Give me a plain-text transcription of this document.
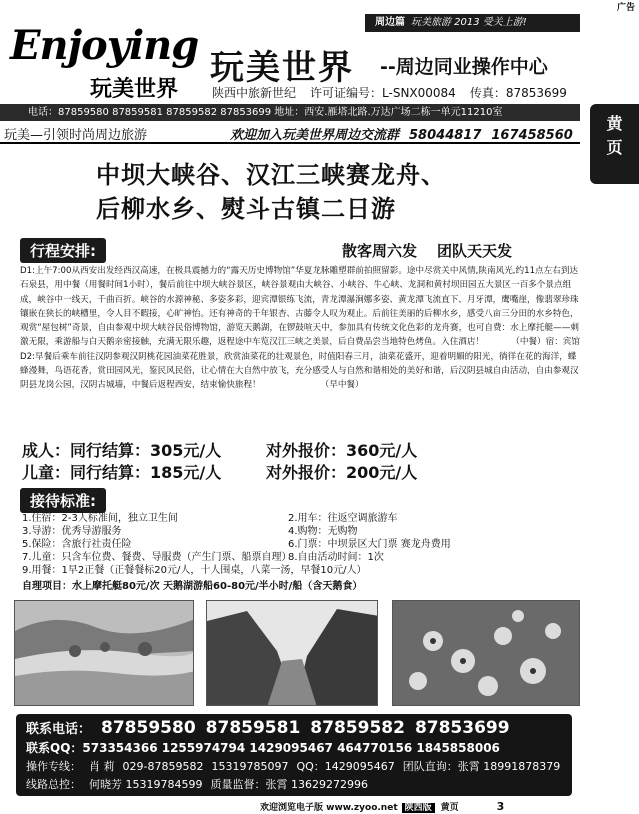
广告
周边篇 玩美旅游 2013 受关上游!
Enjoying
玩美世界
玩美世界 --周边同业操作中心
陕西中旅新世纪 许可证编号：L-SNX00084 传真：87853699
电话：87859580 87859581 87859582 87853699 地址：西安.雁塔北路.万达广场二栋一单元11210室
玩美—引领时尚周边旅游	欢迎加入玩美世界周边交流群 58044817 167458560
黄页
中坝大峡谷、汉江三峡赛龙舟、
后柳水乡、熨斗古镇二日游
行程安排:	散客周六发 团队天天发

D1:上午7:00从西安出发经西汉高速，在极具震撼力的“露天历史博物馆”华夏龙脉雕塑群前拍照留影。途中尽赏关中风情,陕南风光,约11点左右到达石泉县，用中餐（用餐时间1小时），餐后前往中坝大峡谷景区，峡谷景观由大峡谷、小峡谷、牛心峡、龙洞和黄村坝田园五大景区一百多个景点组成，峡谷中一线天，千曲百折。峡谷的水源神秘、多姿多彩，迎宾潭银练飞流，青龙潭瀑涧娜多姿、黄龙潭飞流直下、月牙潭，鹰嘴崖，像翡翠珍珠镶嵌在狭长的峡槽里，令人目不暇接，心旷神怡。还有神奇的千年银杏、古藤令人叹为观止。后前往美丽的后柳水乡，感受八亩三分田的水乡特色，观赏“屋包树”奇景，自由参观中坝大峡谷民俗博物馆，游览天鹅湖，在锣鼓喧天中，参加具有传统文化色彩的龙舟赛，也可自费：水上摩托艇——刺激无限，乘游船与白天鹅亲密接触，充满无限乐趣，返程途中车览汉江三峡之美景，后自费品尝当地特色烤鱼。入住酒店！	（中餐）宿：宾馆

D2:早餐后乘车前往汉阴参观汉阴桃花园油菜花胜景，欣赏油菜花的壮观景色，时值阳春三月，油菜花盛开，迎着明媚的阳光，徜徉在花的海洋，蝶蜂漫舞，鸟语花香，赏田园风光，鉴民风民俗，让心情在大自然中放飞，充分感受人与自然和谐相处的美好和谐，后汉阴县城自由活动，自由参观汉阴县龙岗公园，汉阴古城墙，中餐后返程西安，结束愉快旅程！	（早中餐）

成人：同行结算：305元/人	对外报价：360元/人
儿童：同行结算：185元/人	对外报价：200元/人
接待标准:
1.住宿：2-3人标准间，独立卫生间	2.用车：往返空调旅游车
3.导游：优秀导游服务	4.购物：无购物
5.保险：含旅行社责任险	6.门票：中坝景区大门票 赛龙舟费用
7.儿童：只含车位费、餐费、导服费（产生门票、船票自理）
8.自由活动时间：1次
9.用餐：1早2正餐（正餐餐标20元/人，十人围桌，八菜一汤，早餐10元/人）
自理项目：水上摩托艇80元/次 天鹅湖游船60-80元/半小时/船（含天鹅食）
联系电话： 87859580 87859581 87859582 87853699
联系QQ：573354366 1255974794 1429095467 464770156 1845858006
操作专线： 肖 莉 029-87859582 15319785097 QQ：1429095467 团队直询：张霄 18991878379
线路总控： 何晓芳 15319784599 质量监督：张霄 13629272996
欢迎浏览电子版 www.zyoo.net 陕西版 黄页	3
